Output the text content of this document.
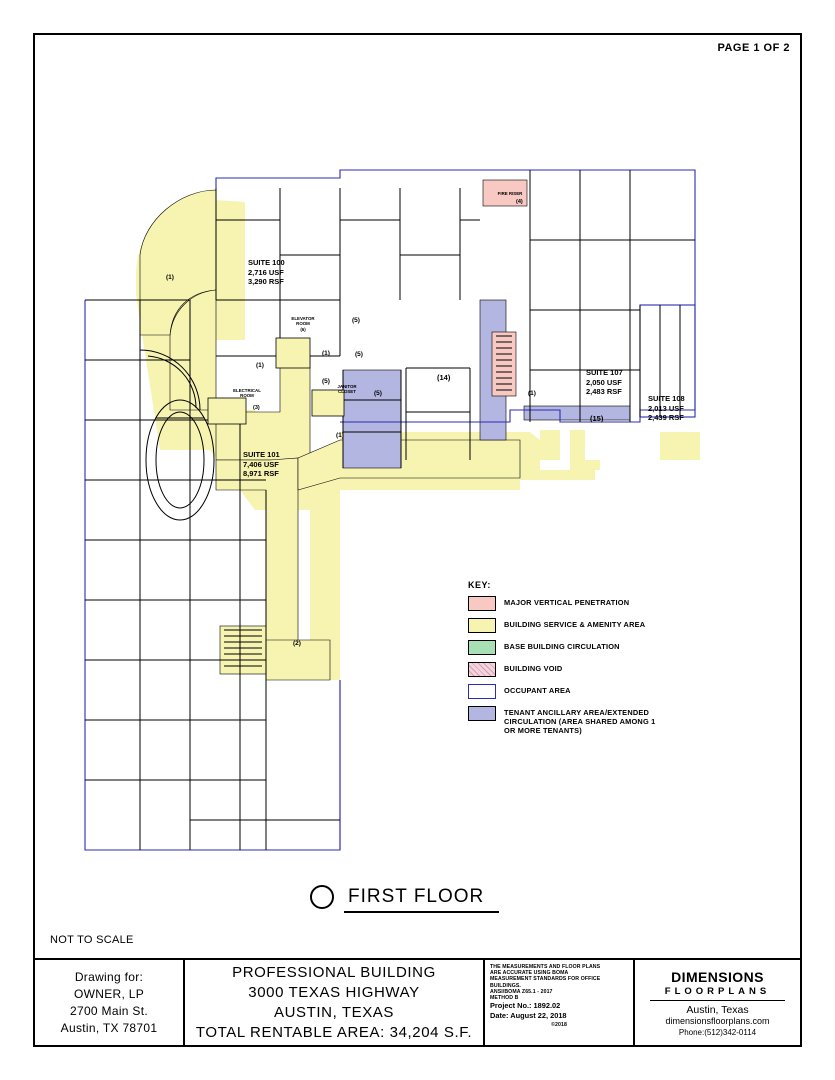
PAGE 1 OF 2
SUITE 100
2,716 USF
3,290 RSF
SUITE 101
7,406 USF
8,971 RSF
SUITE 107
2,050 USF
2,483 RSF
SUITE 108
2,013 USF
2,439 RSF
ELEVATOR ROOM
(6)
ELECTRICAL ROOM
(3)
JANITOR CLOSET
FIRE RISER
(4)
(1)
(1)
(1)
(1)
(1)
(2)
(5)
(5)
(5)
(5)
(14)
(15)
KEY:
MAJOR VERTICAL PENETRATION
BUILDING SERVICE & AMENITY AREA
BASE BUILDING CIRCULATION
BUILDING VOID
OCCUPANT AREA
TENANT ANCILLARY AREA/EXTENDED CIRCULATION (AREA SHARED AMONG 1 OR MORE TENANTS)
FIRST FLOOR
NOT TO SCALE
Drawing for:
OWNER, LP
2700 Main St.
Austin, TX 78701
PROFESSIONAL BUILDING
3000 TEXAS HIGHWAY
AUSTIN, TEXAS
TOTAL RENTABLE AREA: 34,204 S.F.
THE MEASUREMENTS AND FLOOR PLANS
ARE ACCURATE USING BOMA
MEASUREMENT STANDARDS FOR OFFICE
BUILDINGS.
ANSI/BOMA Z65.1 - 2017
METHOD B
Project No.: 1892.02
Date: August 22, 2018
©2018
DIMENSIONS
FLOORPLANS
Austin, Texas
dimensionsfloorplans.com
Phone:(512)342-0114
